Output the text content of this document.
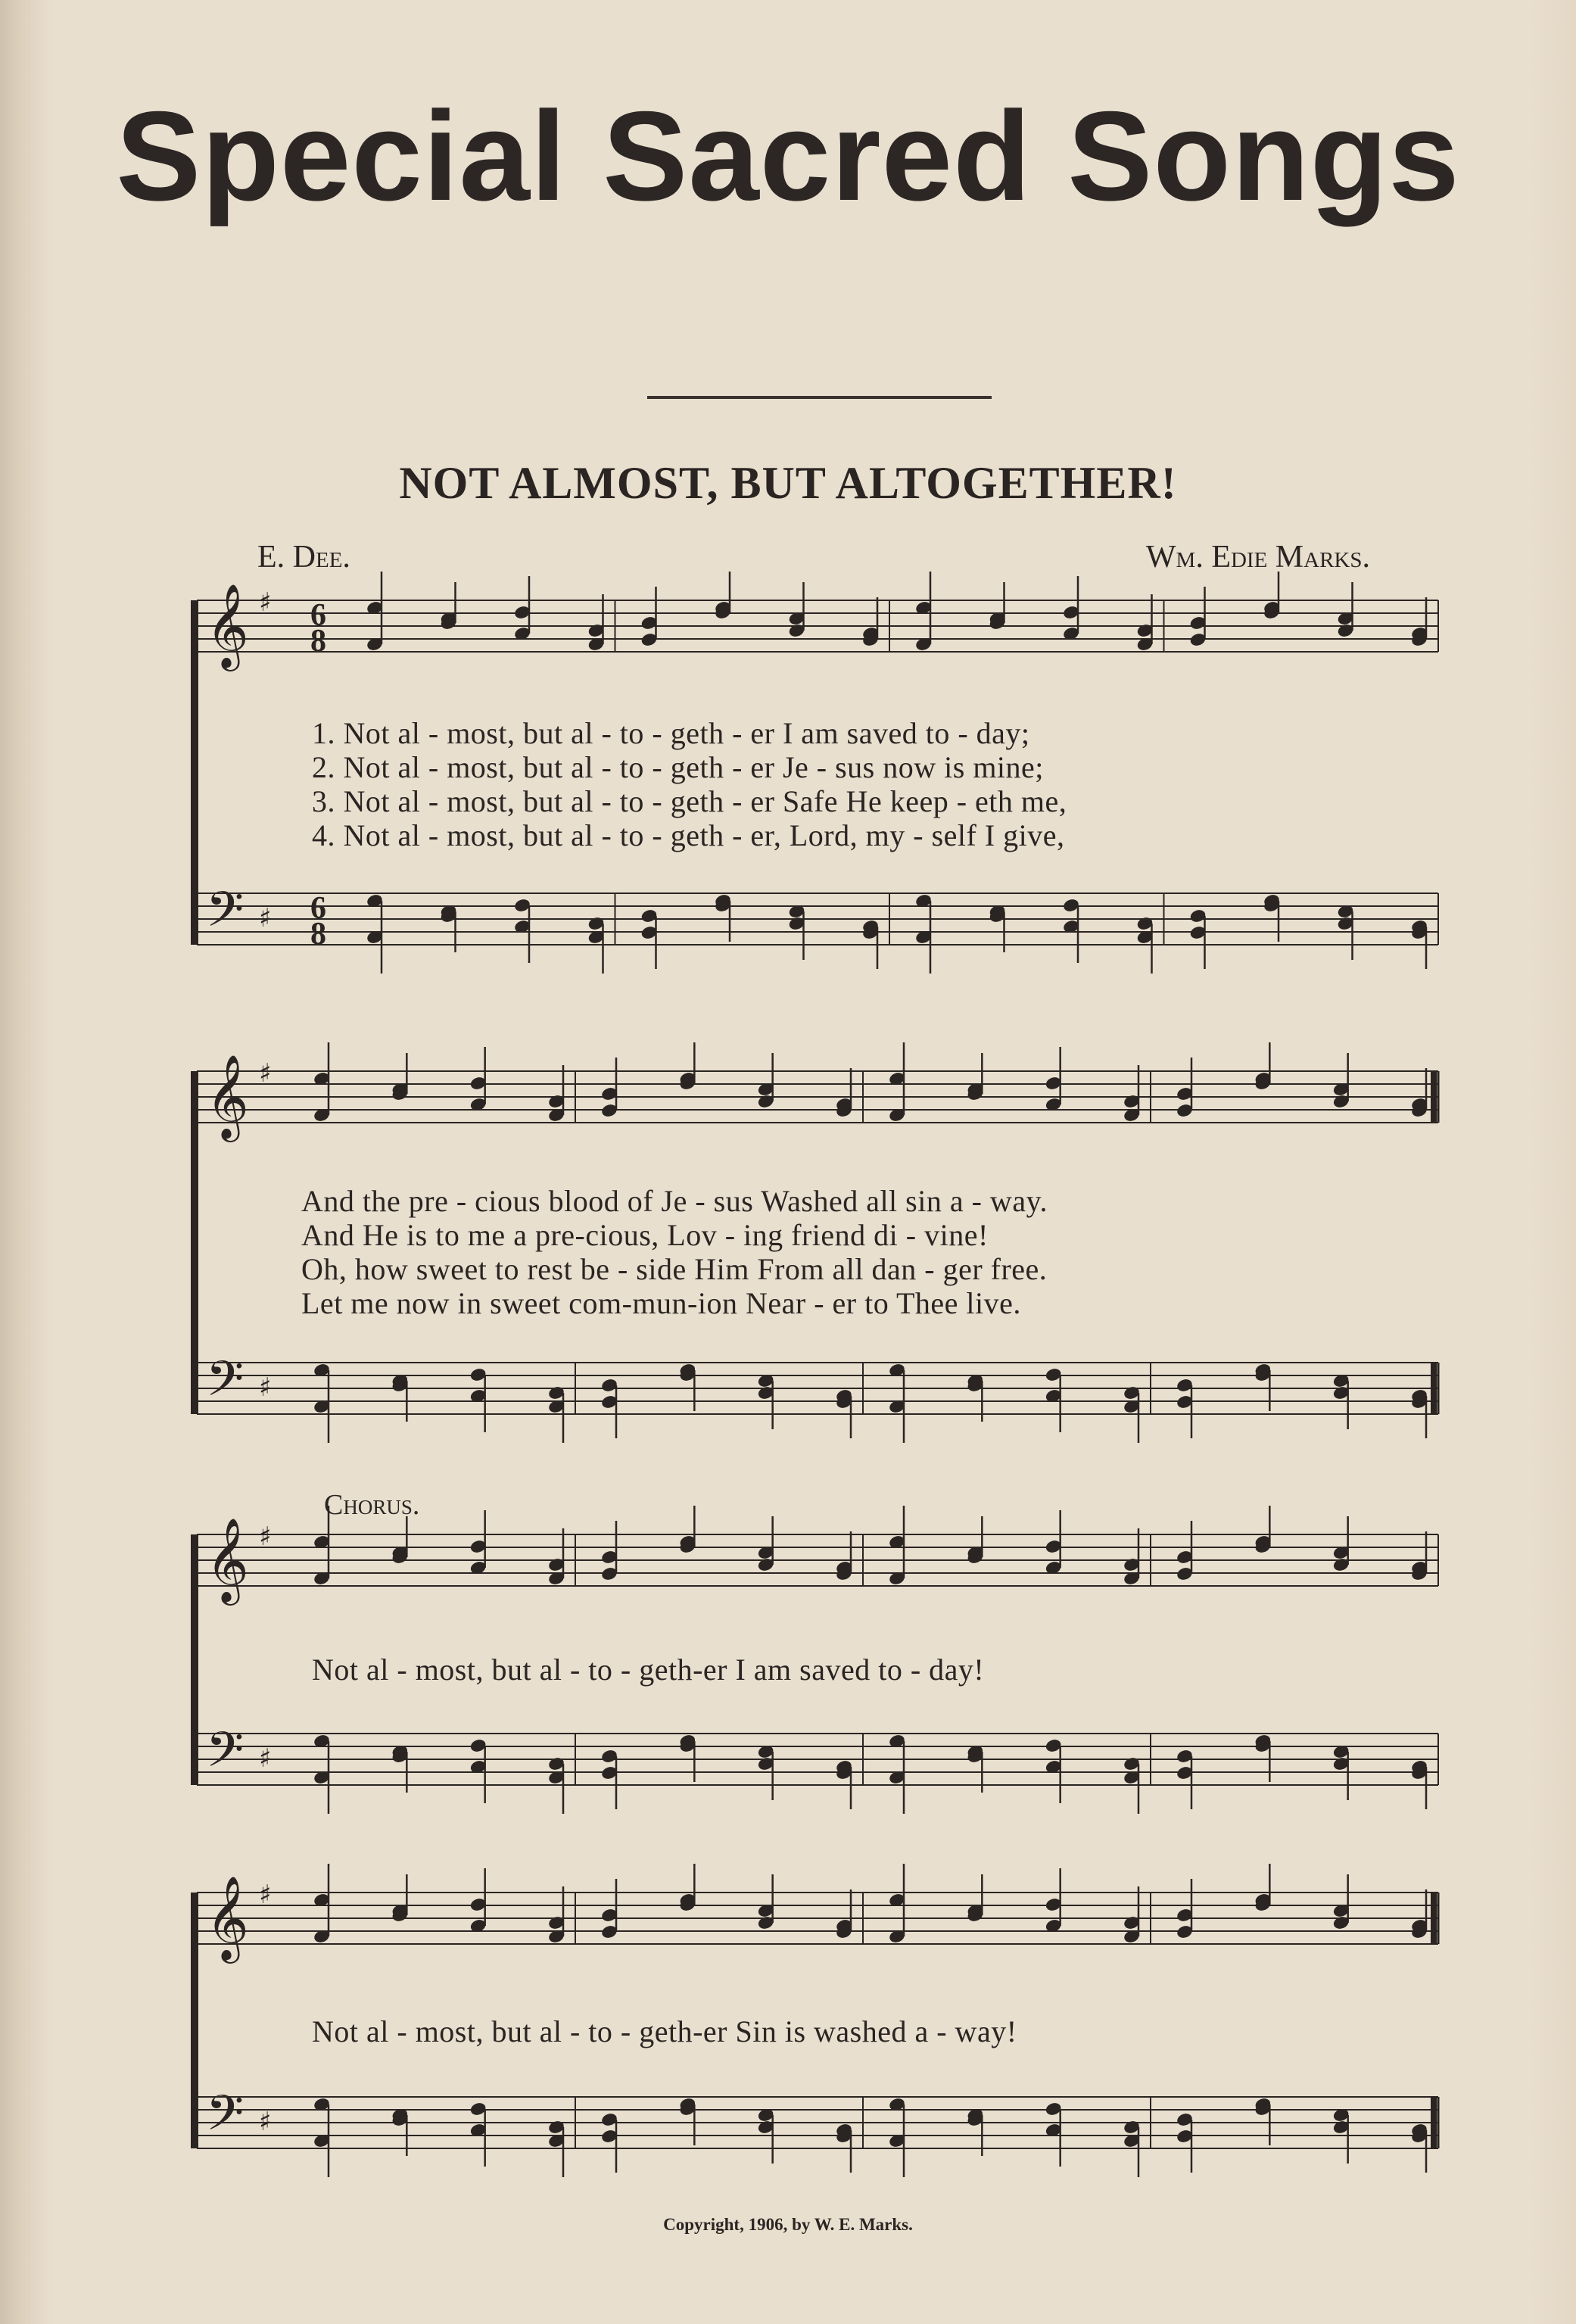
Special Sacred Songs
NOT ALMOST, BUT ALTOGETHER!
E. Dee.	Wm. Edie Marks.
𝄞
𝄢
♯
♯
6
8
6
8
1. Not al - most, but al - to - geth - er I am saved to - day;
2. Not al - most, but al - to - geth - er Je - sus now is mine;
3. Not al - most, but al - to - geth - er Safe He keep - eth me,
4. Not al - most, but al - to - geth - er, Lord, my - self I give,
𝄞
𝄢
♯
♯
And the pre - cious blood of Je - sus Washed all sin a - way.
And He is to me a pre-cious, Lov - ing friend di - vine!
Oh, how sweet to rest be - side Him From all dan - ger free.
Let me now in sweet com-mun-ion Near - er to Thee live.
Chorus.
𝄞
𝄢
♯
♯
Not al - most, but al - to - geth-er I am saved to - day!
𝄞
𝄢
♯
♯
Not al - most, but al - to - geth-er Sin is washed a - way!
Copyright, 1906, by W. E. Marks.
